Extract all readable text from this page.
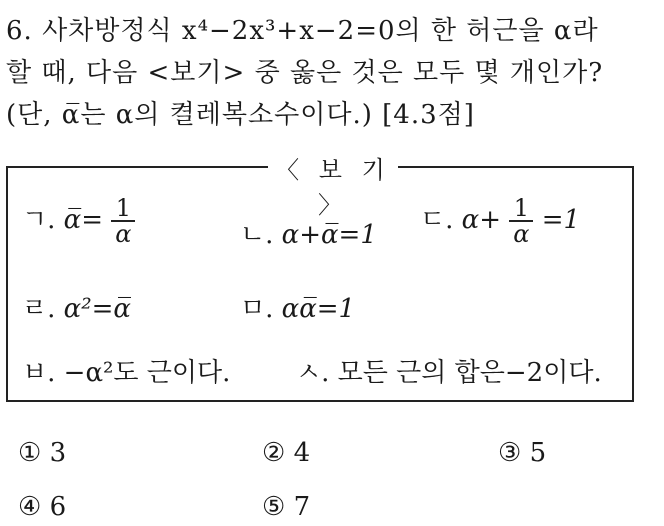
6. 사차방정식 x⁴−2x³+x−2=0의 한 허근을 α라
할 때, 다음 <보기> 중 옳은 것은 모두 몇 개인가?
(단, α̅는 α의 켤레복소수이다.) [4.3점]
〈 보 기 〉
ㄱ. α̅= $\frac{1}{\alpha}$	ㄴ. α+α̅=1 ㄷ. $\alpha+ \frac{1}{\alpha} =1$
ㄹ. α²=α̅	ㅁ. αα̅=1
ㅂ. −α²도 근이다.	ㅅ. 모든 근의 합은−2이다.
① 3	② 4	③ 5
④ 6	⑤ 7
